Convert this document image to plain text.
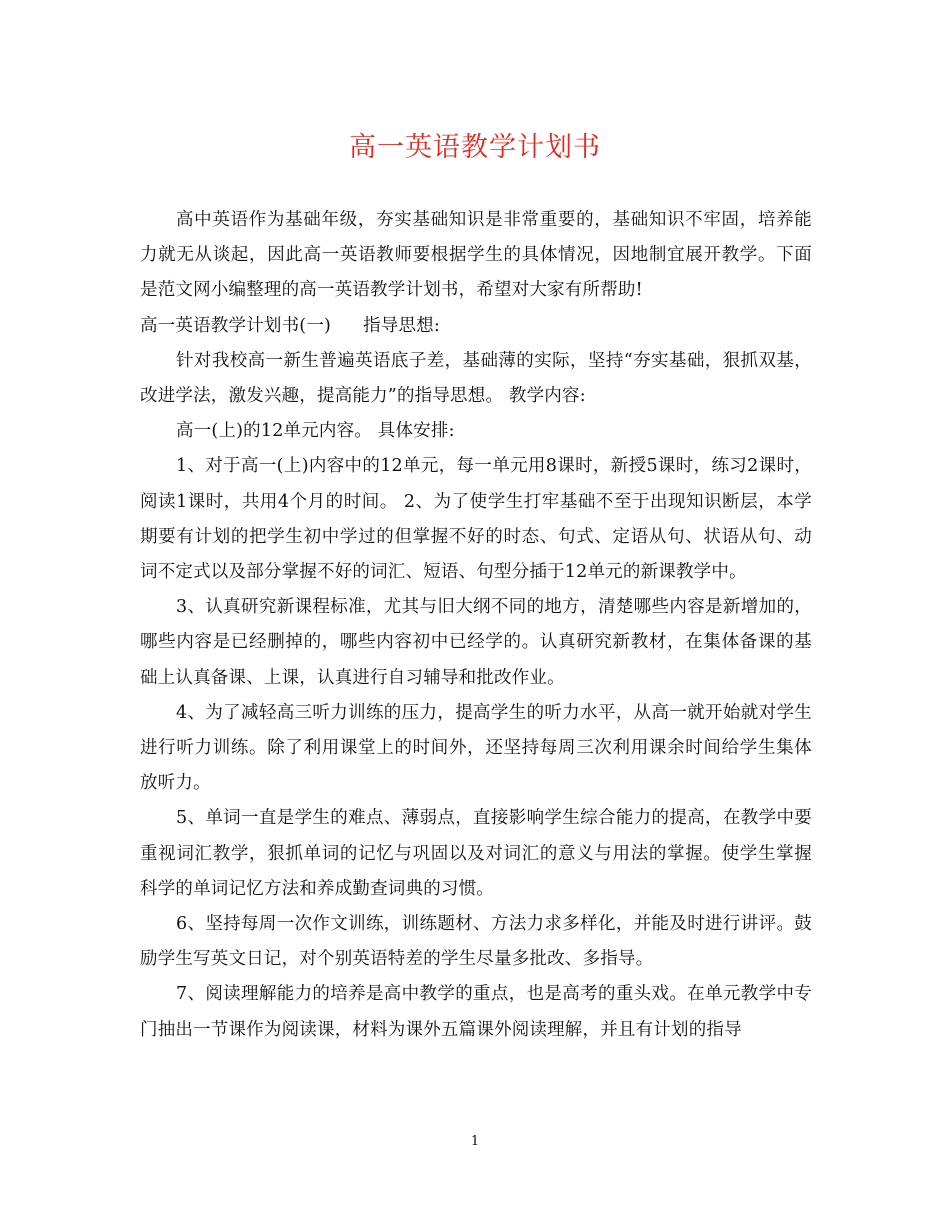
高一英语教学计划书

高中英语作为基础年级，夯实基础知识是非常重要的，基础知识不牢固，培养能力就无从谈起，因此高一英语教师要根据学生的具体情况，因地制宜展开教学。下面是范文网小编整理的高一英语教学计划书，希望对大家有所帮助!

高一英语教学计划书(一) 指导思想:

针对我校高一新生普遍英语底子差，基础薄的实际，坚持“夯实基础，狠抓双基，改进学法，激发兴趣，提高能力”的指导思想。 教学内容:

高一(上)的12单元内容。 具体安排:

1、对于高一(上)内容中的12单元，每一单元用8课时，新授5课时，练习2课时，阅读1课时，共用4个月的时间。 2、为了使学生打牢基础不至于出现知识断层，本学期要有计划的把学生初中学过的但掌握不好的时态、句式、定语从句、状语从句、动词不定式以及部分掌握不好的词汇、短语、句型分插于12单元的新课教学中。

3、认真研究新课程标准，尤其与旧大纲不同的地方，清楚哪些内容是新增加的，哪些内容是已经删掉的，哪些内容初中已经学的。认真研究新教材，在集体备课的基础上认真备课、上课，认真进行自习辅导和批改作业。

4、为了减轻高三听力训练的压力，提高学生的听力水平，从高一就开始就对学生进行听力训练。除了利用课堂上的时间外，还坚持每周三次利用课余时间给学生集体放听力。

5、单词一直是学生的难点、薄弱点，直接影响学生综合能力的提高，在教学中要重视词汇教学，狠抓单词的记忆与巩固以及对词汇的意义与用法的掌握。使学生掌握科学的单词记忆方法和养成勤查词典的习惯。

6、坚持每周一次作文训练，训练题材、方法力求多样化，并能及时进行讲评。鼓励学生写英文日记，对个别英语特差的学生尽量多批改、多指导。

7、阅读理解能力的培养是高中教学的重点，也是高考的重头戏。在单元教学中专门抽出一节课作为阅读课，材料为课外五篇课外阅读理解，并且有计划的指导

1
